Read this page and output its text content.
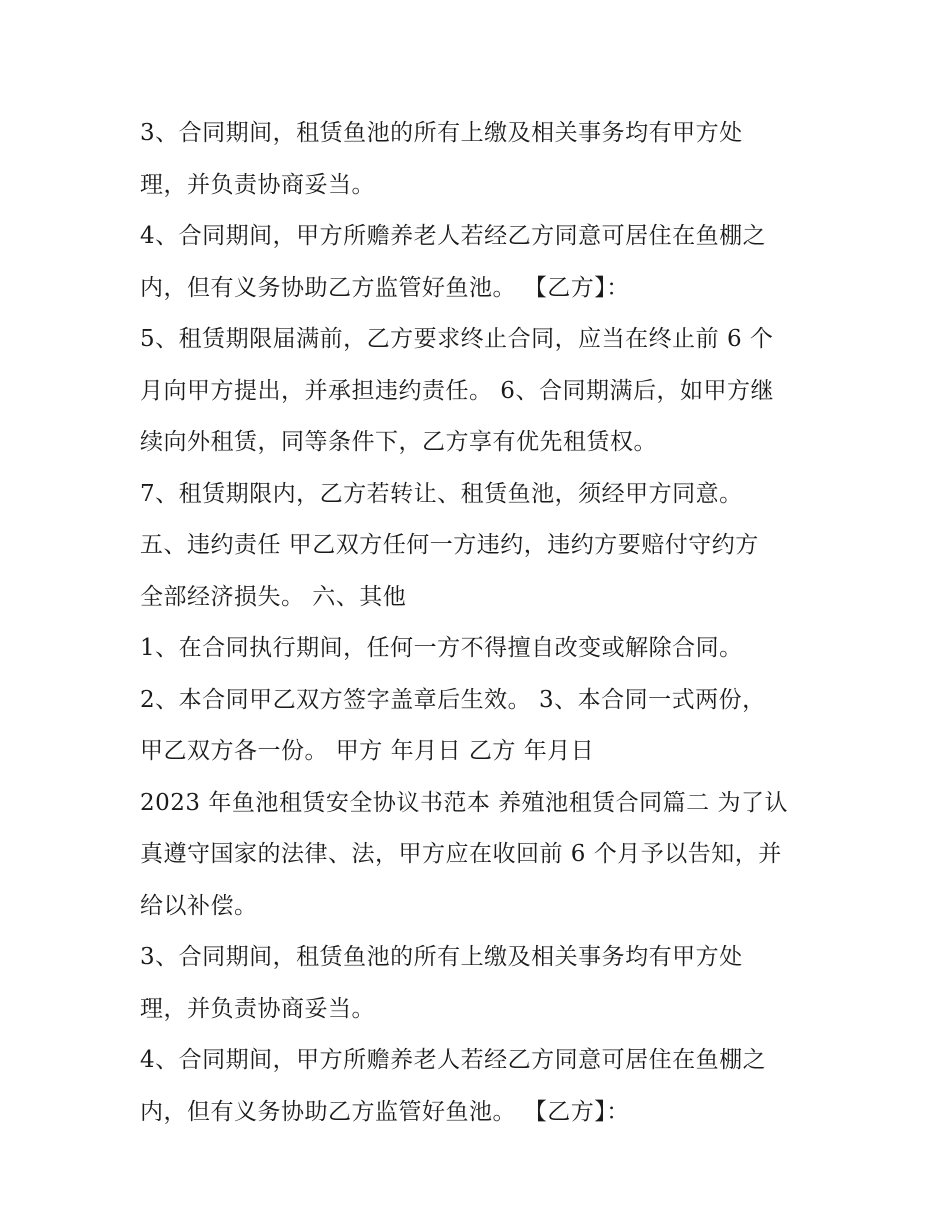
3、合同期间，租赁鱼池的所有上缴及相关事务均有甲方处
理，并负责协商妥当。
4、合同期间，甲方所赡养老人若经乙方同意可居住在鱼棚之
内，但有义务协助乙方监管好鱼池。 【乙方】：
5、租赁期限届满前，乙方要求终止合同，应当在终止前 6 个
月向甲方提出，并承担违约责任。 6、合同期满后，如甲方继
续向外租赁，同等条件下，乙方享有优先租赁权。
7、租赁期限内，乙方若转让、租赁鱼池，须经甲方同意。
五、违约责任 甲乙双方任何一方违约，违约方要赔付守约方
全部经济损失。 六、其他
1、在合同执行期间，任何一方不得擅自改变或解除合同。
2、本合同甲乙双方签字盖章后生效。 3、本合同一式两份，
甲乙双方各一份。 甲方 年月日 乙方 年月日
2023 年鱼池租赁安全协议书范本 养殖池租赁合同篇二 为了认
真遵守国家的法律、法，甲方应在收回前 6 个月予以告知，并
给以补偿。
3、合同期间，租赁鱼池的所有上缴及相关事务均有甲方处
理，并负责协商妥当。
4、合同期间，甲方所赡养老人若经乙方同意可居住在鱼棚之
内，但有义务协助乙方监管好鱼池。 【乙方】：
